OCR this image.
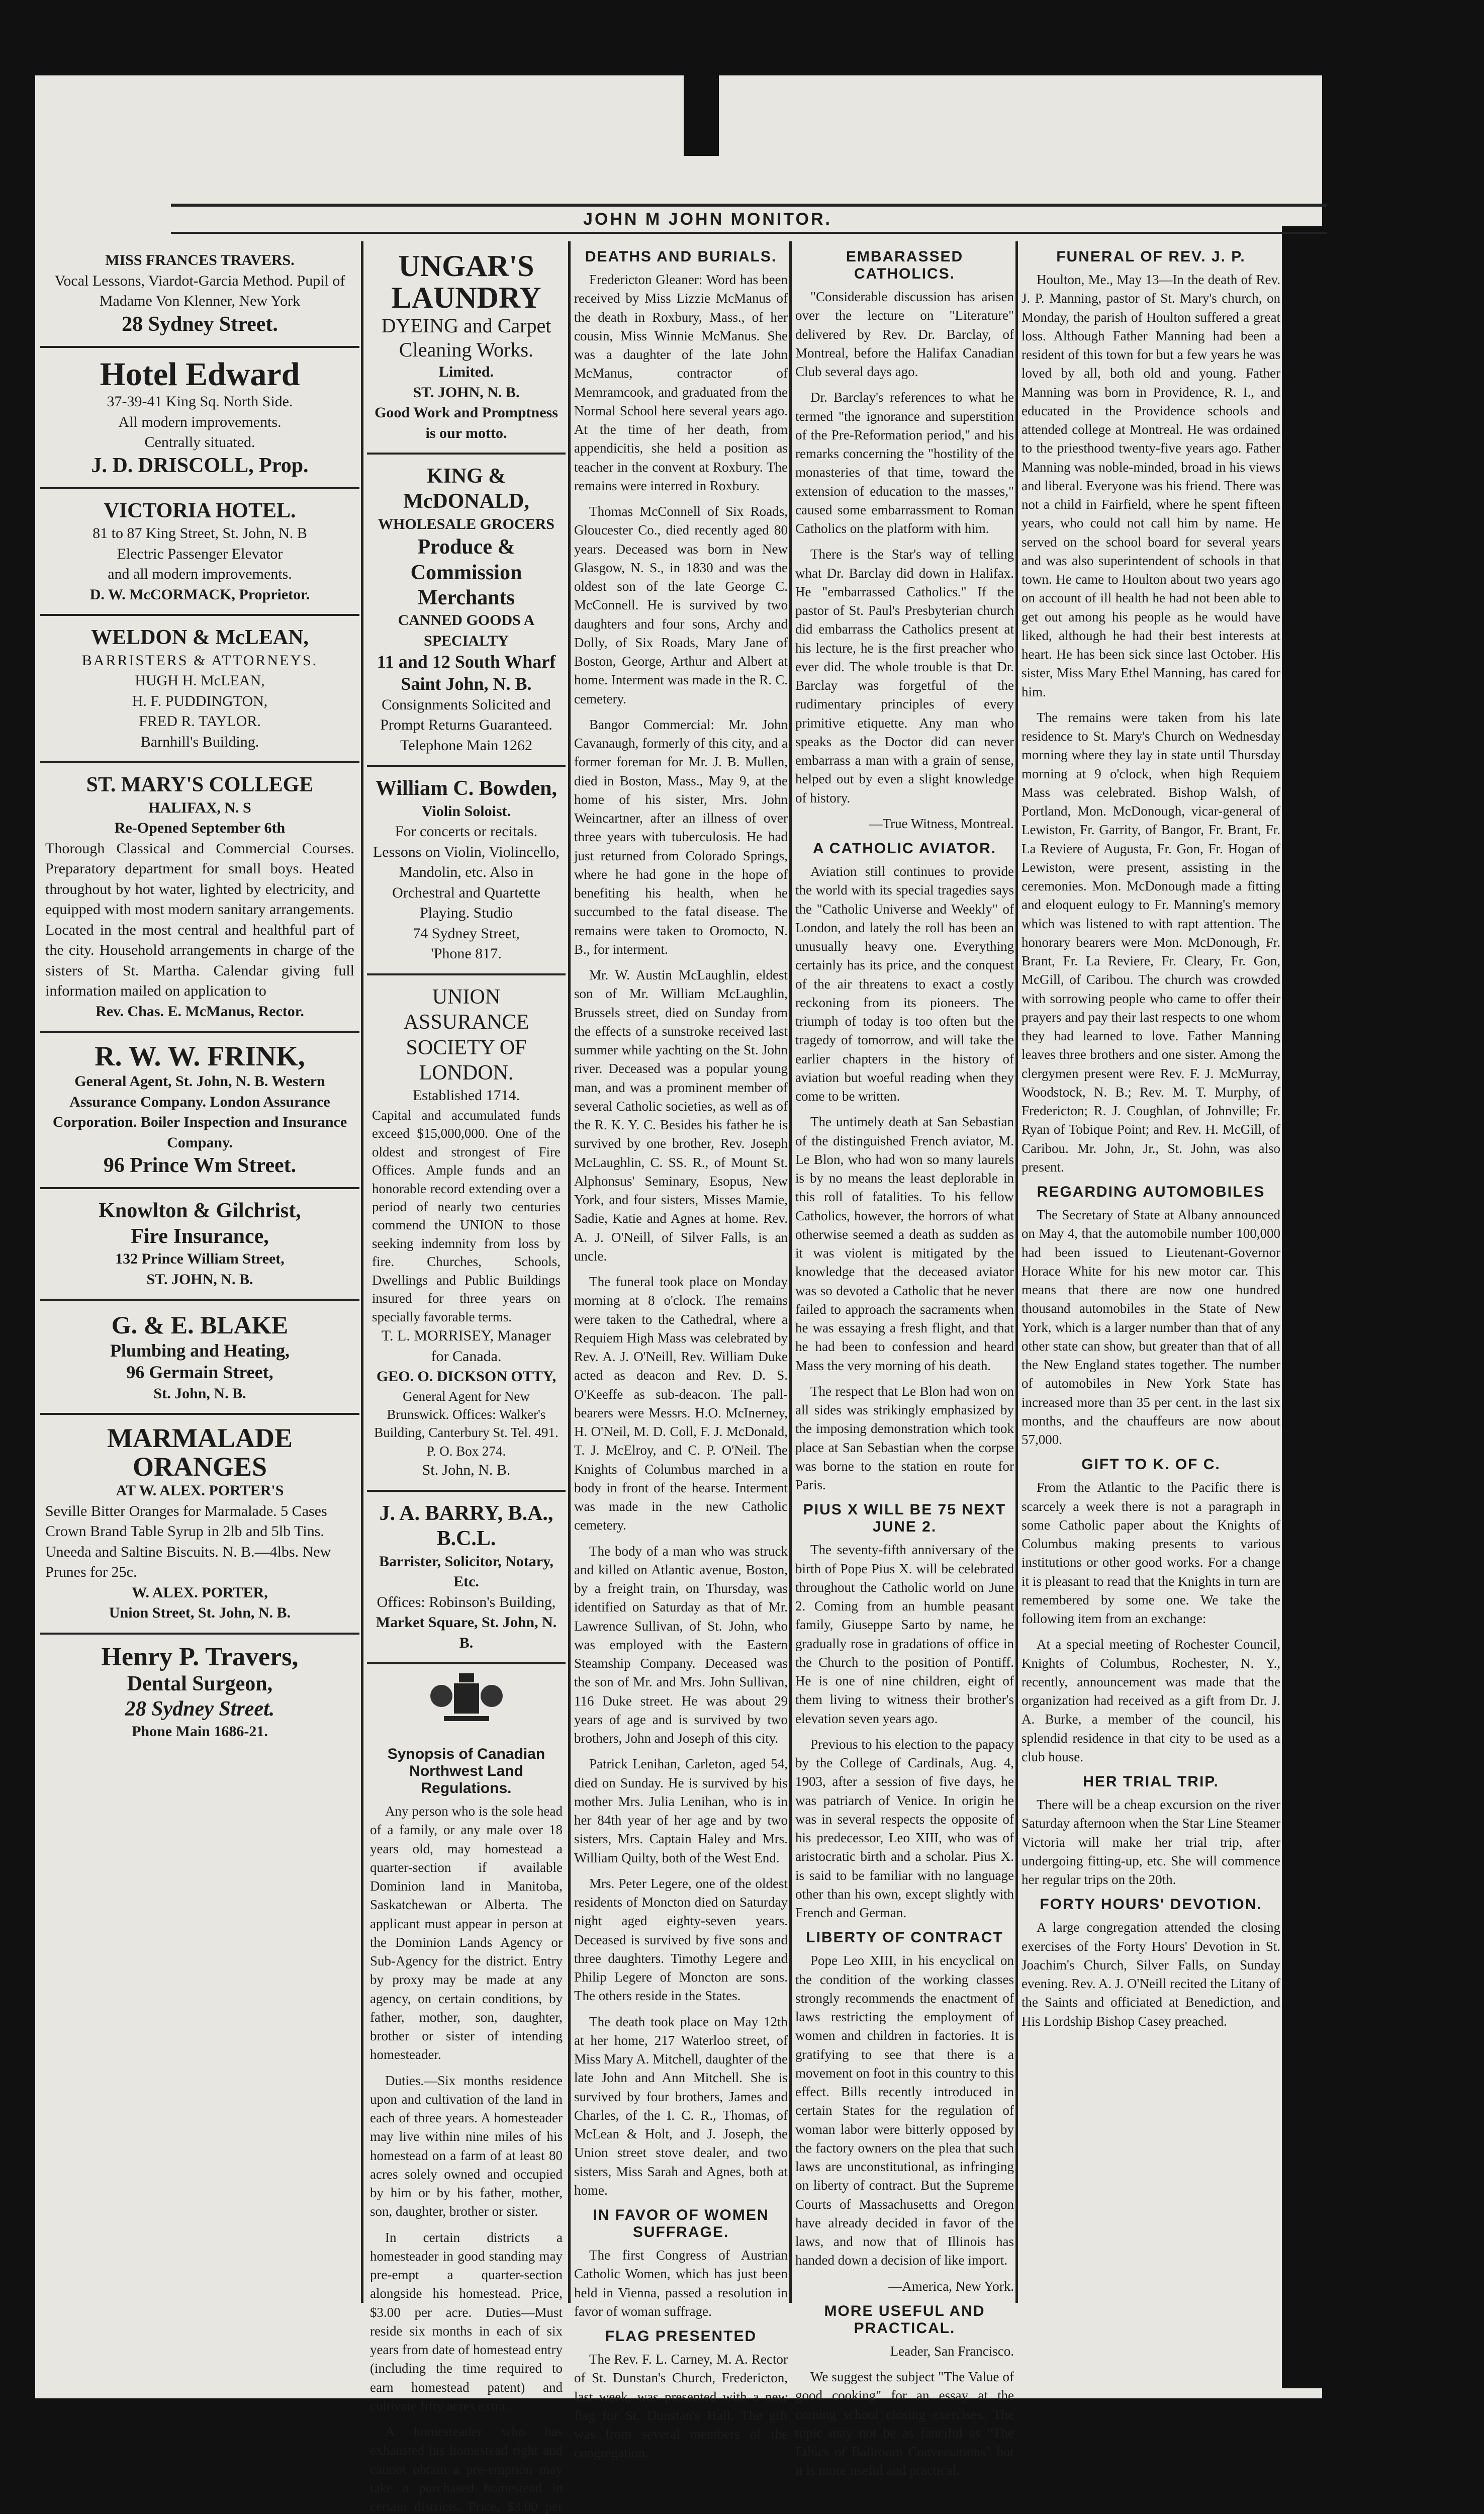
JOHN M JOHN MONITOR.
MISS FRANCES TRAVERS.
Vocal Lessons, Viardot-Garcia Method. Pupil of Madame Von Klenner, New York
28 Sydney Street.
Hotel Edward
37-39-41 King Sq. North Side.
All modern improvements.
Centrally situated.
J. D. DRISCOLL, Prop.
VICTORIA HOTEL.
81 to 87 King Street, St. John, N. B
Electric Passenger Elevator
and all modern improvements.
D. W. McCORMACK, Proprietor.
WELDON & McLEAN,
BARRISTERS & ATTORNEYS.
HUGH H. McLEAN,
H. F. PUDDINGTON,
FRED R. TAYLOR.
Barnhill's Building.
ST. MARY'S COLLEGE
HALIFAX, N. S
Re-Opened September 6th
Thorough Classical and Commercial Courses. Preparatory department for small boys. Heated throughout by hot water, lighted by electricity, and equipped with most modern sanitary arrangements. Located in the most central and healthful part of the city. Household arrangements in charge of the sisters of St. Martha. Calendar giving full information mailed on application to
Rev. Chas. E. McManus, Rector.
R. W. W. FRINK,
General Agent, St. John, N. B. Western Assurance Company. London Assurance Corporation. Boiler Inspection and Insurance Company.
96 Prince Wm Street.
Knowlton & Gilchrist,
Fire Insurance,
132 Prince William Street,
ST. JOHN, N. B.
G. & E. BLAKE
Plumbing and Heating,
96 Germain Street,
St. John, N. B.
MARMALADE ORANGES
AT W. ALEX. PORTER'S
Seville Bitter Oranges for Marmalade. 5 Cases Crown Brand Table Syrup in 2lb and 5lb Tins. Uneeda and Saltine Biscuits. N. B.—4lbs. New Prunes for 25c.
W. ALEX. PORTER,
Union Street, St. John, N. B.
Henry P. Travers,
Dental Surgeon,
28 Sydney Street.
Phone Main 1686-21.
UNGAR'S LAUNDRY
DYEING and Carpet Cleaning Works.
Limited.
ST. JOHN, N. B.
Good Work and Promptness is our motto.
KING & McDONALD,
WHOLESALE GROCERS
Produce & Commission Merchants
CANNED GOODS A SPECIALTY
11 and 12 South Wharf
Saint John, N. B.
Consignments Solicited and Prompt Returns Guaranteed.
Telephone Main 1262
William C. Bowden,
Violin Soloist.
For concerts or recitals. Lessons on Violin, Violincello, Mandolin, etc. Also in Orchestral and Quartette Playing. Studio
74 Sydney Street,
'Phone 817.
UNION ASSURANCE SOCIETY OF LONDON.
Established 1714.
Capital and accumulated funds exceed $15,000,000. One of the oldest and strongest of Fire Offices. Ample funds and an honorable record extending over a period of nearly two centuries commend the UNION to those seeking indemnity from loss by fire. Churches, Schools, Dwellings and Public Buildings insured for three years on specially favorable terms.
T. L. MORRISEY, Manager for Canada.
GEO. O. DICKSON OTTY,
General Agent for New Brunswick. Offices: Walker's Building, Canterbury St. Tel. 491. P. O. Box 274.
St. John, N. B.
J. A. BARRY, B.A., B.C.L.
Barrister, Solicitor, Notary, Etc.
Offices: Robinson's Building,
Market Square, St. John, N. B.
Synopsis of Canadian Northwest Land Regulations.

Any person who is the sole head of a family, or any male over 18 years old, may homestead a quarter-section if available Dominion land in Manitoba, Saskatchewan or Alberta. The applicant must appear in person at the Dominion Lands Agency or Sub-Agency for the district. Entry by proxy may be made at any agency, on certain conditions, by father, mother, son, daughter, brother or sister of intending homesteader.

Duties.—Six months residence upon and cultivation of the land in each of three years. A homesteader may live within nine miles of his homestead on a farm of at least 80 acres solely owned and occupied by him or by his father, mother, son, daughter, brother or sister.

In certain districts a homesteader in good standing may pre-empt a quarter-section alongside his homestead. Price, $3.00 per acre. Duties—Must reside six months in each of six years from date of homestead entry (including the time required to earn homestead patent) and cultivate fifty acres extra.

A homesteader who has exhausted his homestead right and cannot obtain a pre-emption may take a purchased homestead in certain districts. Price, $3.00 per

DEATHS AND BURIALS.

Fredericton Gleaner: Word has been received by Miss Lizzie McManus of the death in Roxbury, Mass., of her cousin, Miss Winnie McManus. She was a daughter of the late John McManus, contractor of Memramcook, and graduated from the Normal School here several years ago. At the time of her death, from appendicitis, she held a position as teacher in the convent at Roxbury. The remains were interred in Roxbury.

Thomas McConnell of Six Roads, Gloucester Co., died recently aged 80 years. Deceased was born in New Glasgow, N. S., in 1830 and was the oldest son of the late George C. McConnell. He is survived by two daughters and four sons, Archy and Dolly, of Six Roads, Mary Jane of Boston, George, Arthur and Albert at home. Interment was made in the R. C. cemetery.

Bangor Commercial: Mr. John Cavanaugh, formerly of this city, and a former foreman for Mr. J. B. Mullen, died in Boston, Mass., May 9, at the home of his sister, Mrs. John Weincartner, after an illness of over three years with tuberculosis. He had just returned from Colorado Springs, where he had gone in the hope of benefiting his health, when he succumbed to the fatal disease. The remains were taken to Oromocto, N. B., for interment.

Mr. W. Austin McLaughlin, eldest son of Mr. William McLaughlin, Brussels street, died on Sunday from the effects of a sunstroke received last summer while yachting on the St. John river. Deceased was a popular young man, and was a prominent member of several Catholic societies, as well as of the R. K. Y. C. Besides his father he is survived by one brother, Rev. Joseph McLaughlin, C. SS. R., of Mount St. Alphonsus' Seminary, Esopus, New York, and four sisters, Misses Mamie, Sadie, Katie and Agnes at home. Rev. A. J. O'Neill, of Silver Falls, is an uncle.

The funeral took place on Monday morning at 8 o'clock. The remains were taken to the Cathedral, where a Requiem High Mass was celebrated by Rev. A. J. O'Neill, Rev. William Duke acted as deacon and Rev. D. S. O'Keeffe as sub-deacon. The pall-bearers were Messrs. H.O. McInerney, H. O'Neil, M. D. Coll, F. J. McDonald, T. J. McElroy, and C. P. O'Neil. The Knights of Columbus marched in a body in front of the hearse. Interment was made in the new Catholic cemetery.

The body of a man who was struck and killed on Atlantic avenue, Boston, by a freight train, on Thursday, was identified on Saturday as that of Mr. Lawrence Sullivan, of St. John, who was employed with the Eastern Steamship Company. Deceased was the son of Mr. and Mrs. John Sullivan, 116 Duke street. He was about 29 years of age and is survived by two brothers, John and Joseph of this city.

Patrick Lenihan, Carleton, aged 54, died on Sunday. He is survived by his mother Mrs. Julia Lenihan, who is in her 84th year of her age and by two sisters, Mrs. Captain Haley and Mrs. William Quilty, both of the West End.

Mrs. Peter Legere, one of the oldest residents of Moncton died on Saturday night aged eighty-seven years. Deceased is survived by five sons and three daughters. Timothy Legere and Philip Legere of Moncton are sons. The others reside in the States.

The death took place on May 12th at her home, 217 Waterloo street, of Miss Mary A. Mitchell, daughter of the late John and Ann Mitchell. She is survived by four brothers, James and Charles, of the I. C. R., Thomas, of McLean & Holt, and J. Joseph, the Union street stove dealer, and two sisters, Miss Sarah and Agnes, both at home.

IN FAVOR OF WOMEN SUFFRAGE.

The first Congress of Austrian Catholic Women, which has just been held in Vienna, passed a resolution in favor of woman suffrage.

FLAG PRESENTED

The Rev. F. L. Carney, M. A. Rector of St. Dunstan's Church, Fredericton, last week, was presented with a new flag for St. Dunstan's Hall. The gift was from several members of the congregation.

EMBARASSED CATHOLICS.

"Considerable discussion has arisen over the lecture on "Literature" delivered by Rev. Dr. Barclay, of Montreal, before the Halifax Canadian Club several days ago.

Dr. Barclay's references to what he termed "the ignorance and superstition of the Pre-Reformation period," and his remarks concerning the "hostility of the monasteries of that time, toward the extension of education to the masses," caused some embarrassment to Roman Catholics on the platform with him.

There is the Star's way of telling what Dr. Barclay did down in Halifax. He "embarrassed Catholics." If the pastor of St. Paul's Presbyterian church did embarrass the Catholics present at his lecture, he is the first preacher who ever did. The whole trouble is that Dr. Barclay was forgetful of the rudimentary principles of every primitive etiquette. Any man who speaks as the Doctor did can never embarrass a man with a grain of sense, helped out by even a slight knowledge of history.

—True Witness, Montreal.

A CATHOLIC AVIATOR.

Aviation still continues to provide the world with its special tragedies says the "Catholic Universe and Weekly" of London, and lately the roll has been an unusually heavy one. Everything certainly has its price, and the conquest of the air threatens to exact a costly reckoning from its pioneers. The triumph of today is too often but the tragedy of tomorrow, and will take the earlier chapters in the history of aviation but woeful reading when they come to be written.

The untimely death at San Sebastian of the distinguished French aviator, M. Le Blon, who had won so many laurels is by no means the least deplorable in this roll of fatalities. To his fellow Catholics, however, the horrors of what otherwise seemed a death as sudden as it was violent is mitigated by the knowledge that the deceased aviator was so devoted a Catholic that he never failed to approach the sacraments when he was essaying a fresh flight, and that he had been to confession and heard Mass the very morning of his death.

The respect that Le Blon had won on all sides was strikingly emphasized by the imposing demonstration which took place at San Sebastian when the corpse was borne to the station en route for Paris.

PIUS X WILL BE 75 NEXT JUNE 2.

The seventy-fifth anniversary of the birth of Pope Pius X. will be celebrated throughout the Catholic world on June 2. Coming from an humble peasant family, Giuseppe Sarto by name, he gradually rose in gradations of office in the Church to the position of Pontiff. He is one of nine children, eight of them living to witness their brother's elevation seven years ago.

Previous to his election to the papacy by the College of Cardinals, Aug. 4, 1903, after a session of five days, he was patriarch of Venice. In origin he was in several respects the opposite of his predecessor, Leo XIII, who was of aristocratic birth and a scholar. Pius X. is said to be familiar with no language other than his own, except slightly with French and German.

LIBERTY OF CONTRACT

Pope Leo XIII, in his encyclical on the condition of the working classes strongly recommends the enactment of laws restricting the employment of women and children in factories. It is gratifying to see that there is a movement on foot in this country to this effect. Bills recently introduced in certain States for the regulation of woman labor were bitterly opposed by the factory owners on the plea that such laws are unconstitutional, as infringing on liberty of contract. But the Supreme Courts of Massachusetts and Oregon have already decided in favor of the laws, and now that of Illinois has handed down a decision of like import.

—America, New York.

MORE USEFUL AND PRACTICAL.

Leader, San Francisco.

We suggest the subject "The Value of good cooking" for an essay at the coming school closing exercises. The topic may not be as fanciful as "The Ethics of Ballroom Conversations" but it is more useful and practical.

FUNERAL OF REV. J. P.

Houlton, Me., May 13—In the death of Rev. J. P. Manning, pastor of St. Mary's church, on Monday, the parish of Houlton suffered a great loss. Although Father Manning had been a resident of this town for but a few years he was loved by all, both old and young. Father Manning was born in Providence, R. I., and educated in the Providence schools and attended college at Montreal. He was ordained to the priesthood twenty-five years ago. Father Manning was noble-minded, broad in his views and liberal. Everyone was his friend. There was not a child in Fairfield, where he spent fifteen years, who could not call him by name. He served on the school board for several years and was also superintendent of schools in that town. He came to Houlton about two years ago on account of ill health he had not been able to get out among his people as he would have liked, although he had their best interests at heart. He has been sick since last October. His sister, Miss Mary Ethel Manning, has cared for him.

The remains were taken from his late residence to St. Mary's Church on Wednesday morning where they lay in state until Thursday morning at 9 o'clock, when high Requiem Mass was celebrated. Bishop Walsh, of Portland, Mon. McDonough, vicar-general of Lewiston, Fr. Garrity, of Bangor, Fr. Brant, Fr. La Reviere of Augusta, Fr. Gon, Fr. Hogan of Lewiston, were present, assisting in the ceremonies. Mon. McDonough made a fitting and eloquent eulogy to Fr. Manning's memory which was listened to with rapt attention. The honorary bearers were Mon. McDonough, Fr. Brant, Fr. La Reviere, Fr. Cleary, Fr. Gon, McGill, of Caribou. The church was crowded with sorrowing people who came to offer their prayers and pay their last respects to one whom they had learned to love. Father Manning leaves three brothers and one sister. Among the clergymen present were Rev. F. J. McMurray, Woodstock, N. B.; Rev. M. T. Murphy, of Fredericton; R. J. Coughlan, of Johnville; Fr. Ryan of Tobique Point; and Rev. H. McGill, of Caribou. Mr. John, Jr., St. John, was also present.

REGARDING AUTOMOBILES

The Secretary of State at Albany announced on May 4, that the automobile number 100,000 had been issued to Lieutenant-Governor Horace White for his new motor car. This means that there are now one hundred thousand automobiles in the State of New York, which is a larger number than that of any other state can show, but greater than that of all the New England states together. The number of automobiles in New York State has increased more than 35 per cent. in the last six months, and the chauffeurs are now about 57,000.

GIFT TO K. OF C.

From the Atlantic to the Pacific there is scarcely a week there is not a paragraph in some Catholic paper about the Knights of Columbus making presents to various institutions or other good works. For a change it is pleasant to read that the Knights in turn are remembered by some one. We take the following item from an exchange:

At a special meeting of Rochester Council, Knights of Columbus, Rochester, N. Y., recently, announcement was made that the organization had received as a gift from Dr. J. A. Burke, a member of the council, his splendid residence in that city to be used as a club house.

HER TRIAL TRIP.

There will be a cheap excursion on the river Saturday afternoon when the Star Line Steamer Victoria will make her trial trip, after undergoing fitting-up, etc. She will commence her regular trips on the 20th.

FORTY HOURS' DEVOTION.

A large congregation attended the closing exercises of the Forty Hours' Devotion in St. Joachim's Church, Silver Falls, on Sunday evening. Rev. A. J. O'Neill recited the Litany of the Saints and officiated at Benediction, and His Lordship Bishop Casey preached.
